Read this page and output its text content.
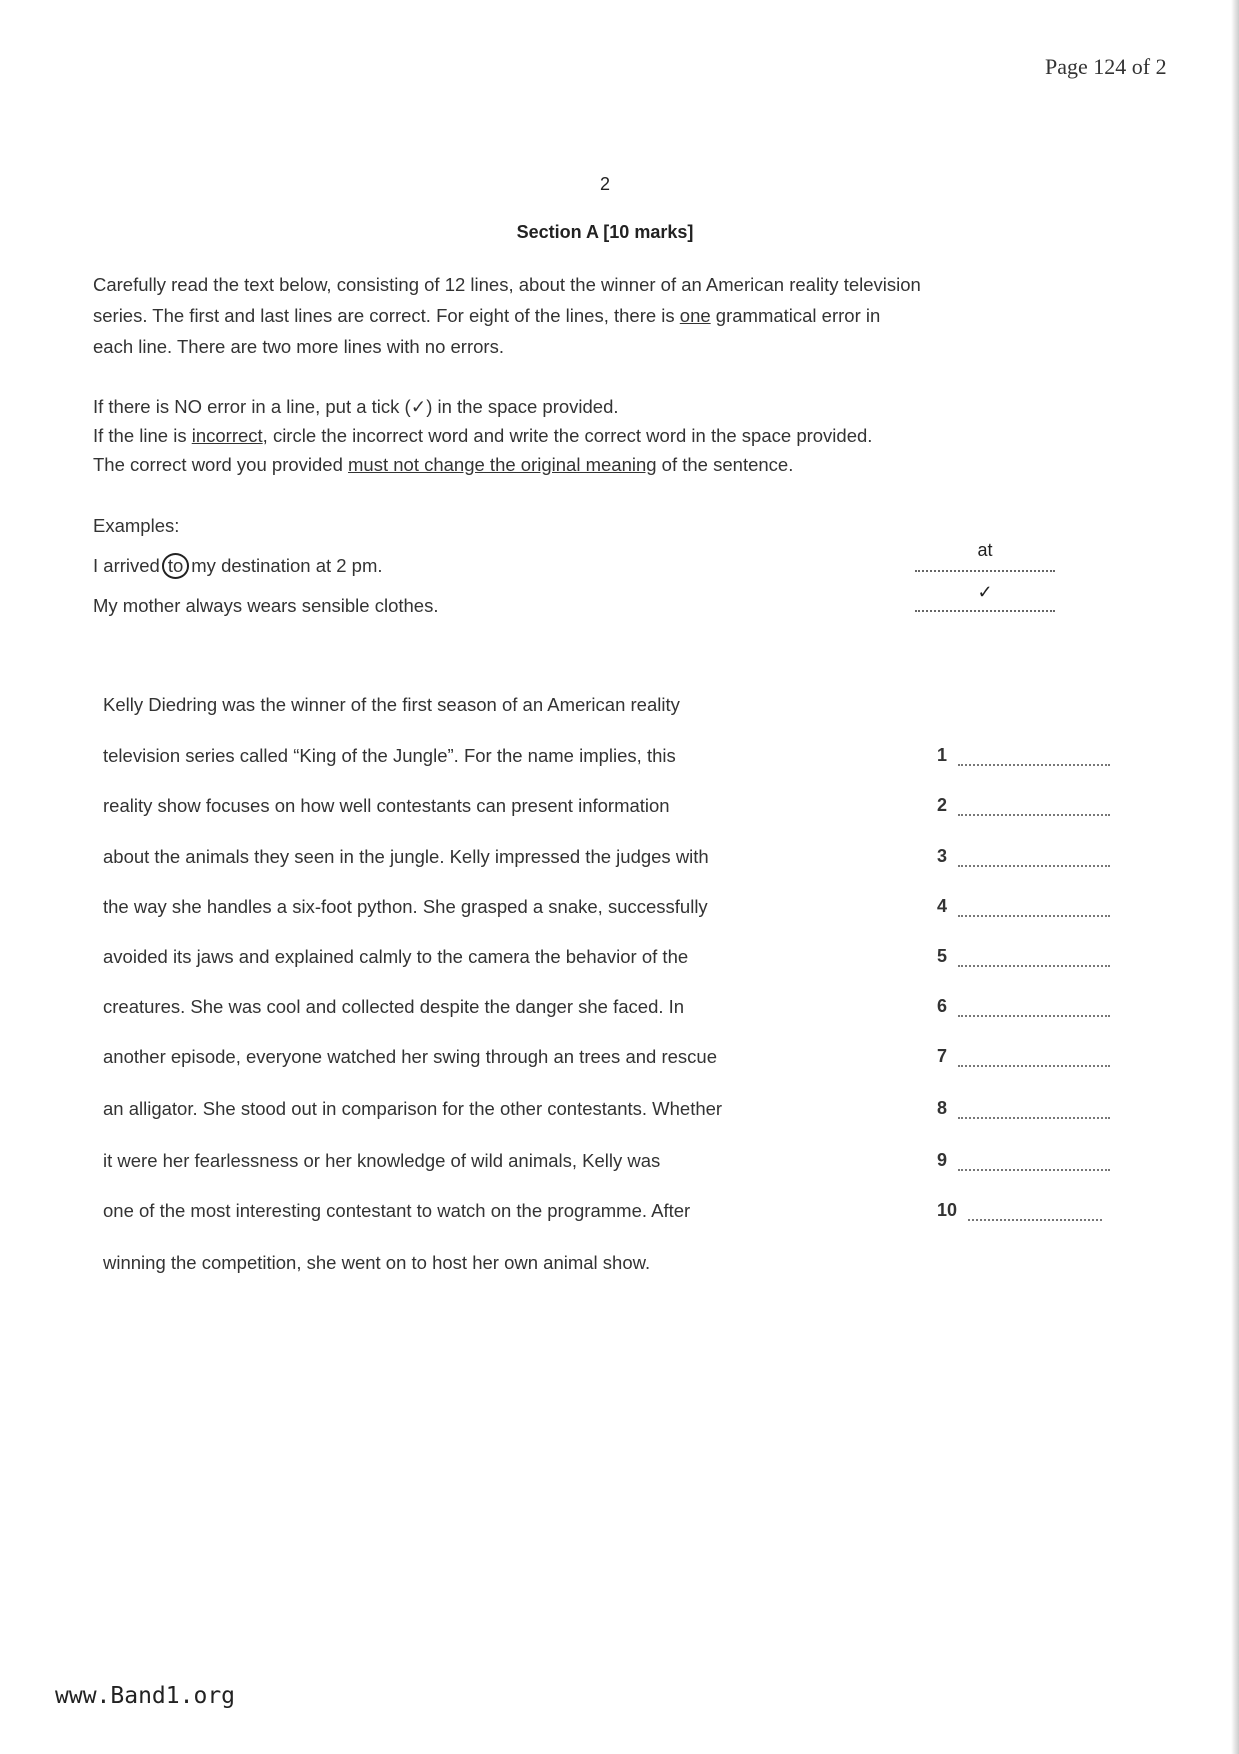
Page 124 of 2
2
Section A [10 marks]
Carefully read the text below, consisting of 12 lines, about the winner of an American reality television
series. The first and last lines are correct. For eight of the lines, there is one grammatical error in
each line. There are two more lines with no errors.
If there is NO error in a line, put a tick (✓) in the space provided.
If the line is incorrect, circle the incorrect word and write the correct word in the space provided.
The correct word you provided must not change the original meaning of the sentence.
Examples:
I arrived to my destination at 2 pm.
at
My mother always wears sensible clothes.
✓
Kelly Diedring was the winner of the first season of an American reality
television series called “King of the Jungle”. For the name implies, this	1
reality show focuses on how well contestants can present information	2
about the animals they seen in the jungle. Kelly impressed the judges with	3
the way she handles a six-foot python. She grasped a snake, successfully	4
avoided its jaws and explained calmly to the camera the behavior of the	5
creatures. She was cool and collected despite the danger she faced. In	6
another episode, everyone watched her swing through an trees and rescue	7
an alligator. She stood out in comparison for the other contestants. Whether	8
it were her fearlessness or her knowledge of wild animals, Kelly was	9
one of the most interesting contestant to watch on the programme. After	10
winning the competition, she went on to host her own animal show.
www.Band1.org
